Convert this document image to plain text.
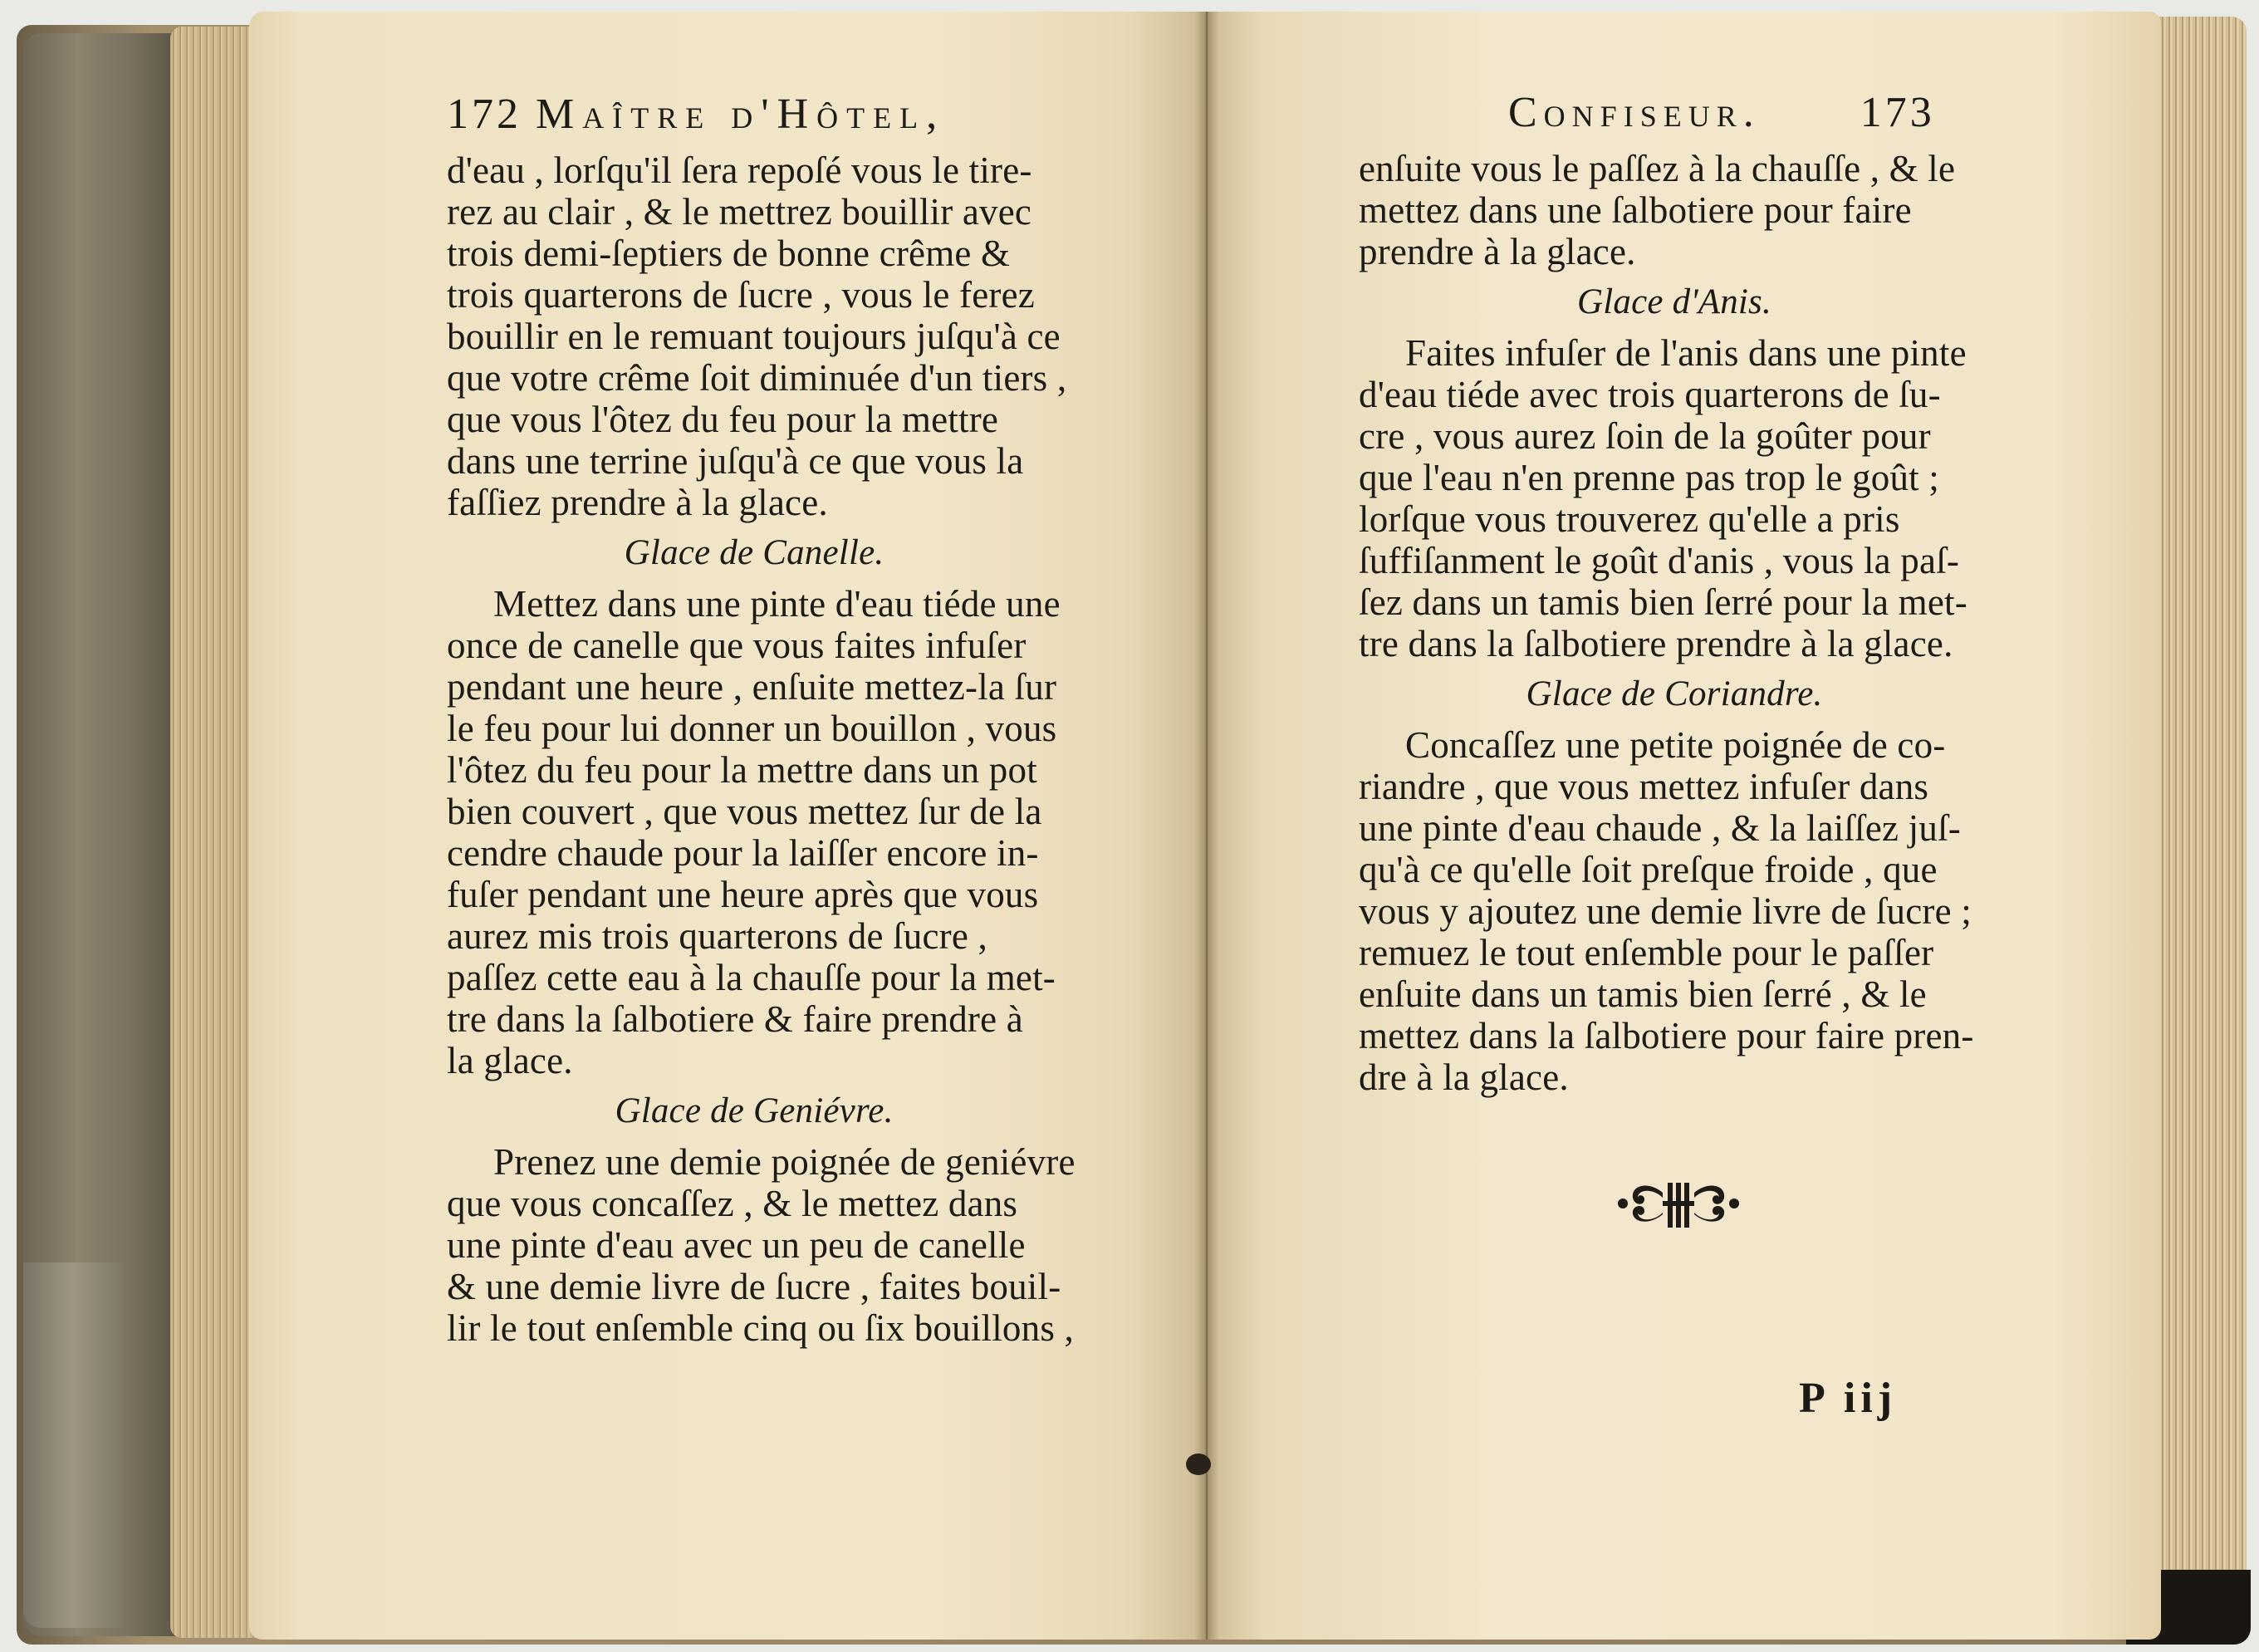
172 Maître d'Hôtel,
d'eau , lorſqu'il ſera repoſé vous le tire-
rez au clair , & le mettrez bouillir avec
trois demi-ſeptiers de bonne crême &
trois quarterons de ſucre , vous le ferez
bouillir en le remuant toujours juſqu'à ce
que votre crême ſoit diminuée d'un tiers ,
que vous l'ôtez du feu pour la mettre
dans une terrine juſqu'à ce que vous la
faſſiez prendre à la glace.
Glace de Canelle.
Mettez dans une pinte d'eau tiéde une
once de canelle que vous faites infuſer
pendant une heure , enſuite mettez-la ſur
le feu pour lui donner un bouillon , vous
l'ôtez du feu pour la mettre dans un pot
bien couvert , que vous mettez ſur de la
cendre chaude pour la laiſſer encore in-
fuſer pendant une heure après que vous
aurez mis trois quarterons de ſucre ,
paſſez cette eau à la chauſſe pour la met-
tre dans la ſalbotiere & faire prendre à
la glace.
Glace de Geniévre.
Prenez une demie poignée de geniévre
que vous concaſſez , & le mettez dans
une pinte d'eau avec un peu de canelle
& une demie livre de ſucre , faites bouil-
lir le tout enſemble cinq ou ſix bouillons ,
Confiseur. 173
enſuite vous le paſſez à la chauſſe , & le
mettez dans une ſalbotiere pour faire
prendre à la glace.
Glace d'Anis.
Faites infuſer de l'anis dans une pinte
d'eau tiéde avec trois quarterons de ſu-
cre , vous aurez ſoin de la goûter pour
que l'eau n'en prenne pas trop le goût ;
lorſque vous trouverez qu'elle a pris
ſuffiſanment le goût d'anis , vous la paſ-
ſez dans un tamis bien ſerré pour la met-
tre dans la ſalbotiere prendre à la glace.
Glace de Coriandre.
Concaſſez une petite poignée de co-
riandre , que vous mettez infuſer dans
une pinte d'eau chaude , & la laiſſez juſ-
qu'à ce qu'elle ſoit preſque froide , que
vous y ajoutez une demie livre de ſucre ;
remuez le tout enſemble pour le paſſer
enſuite dans un tamis bien ſerré , & le
mettez dans la ſalbotiere pour faire pren-
dre à la glace.
P iij
